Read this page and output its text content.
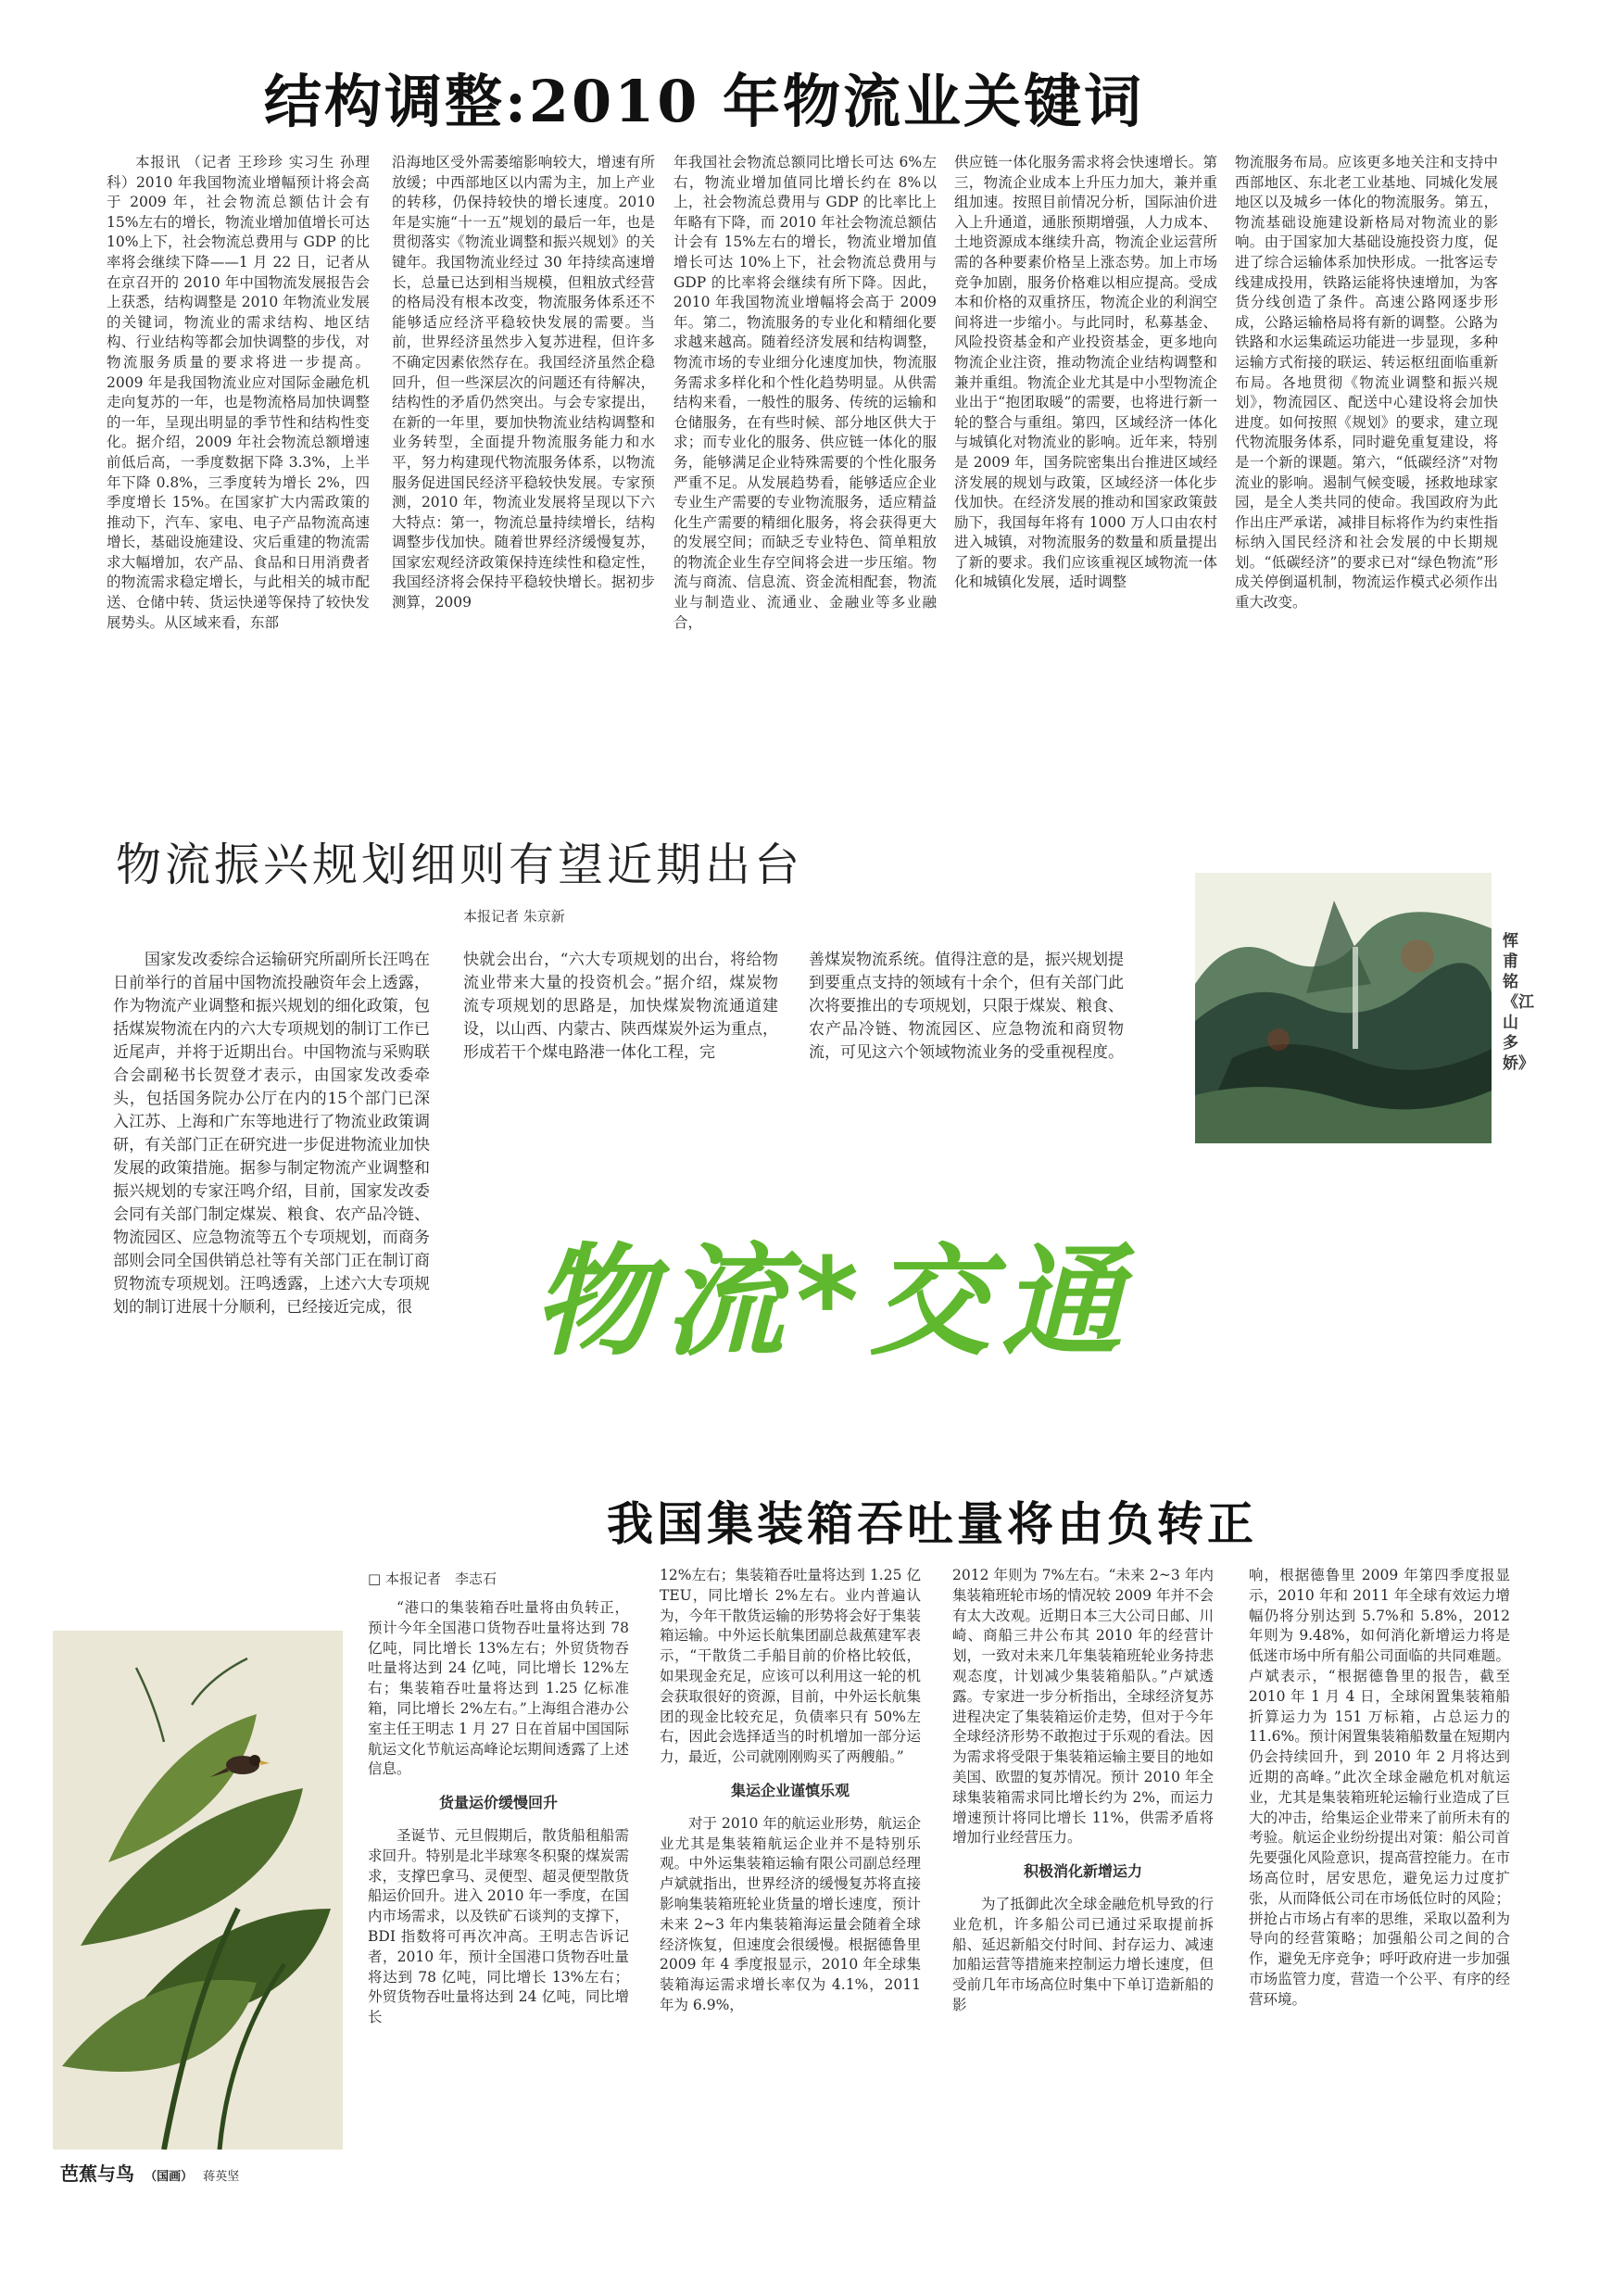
结构调整:2010 年物流业关键词

本报讯 （记者 王珍珍 实习生 孙理科）2010 年我国物流业增幅预计将会高于 2009 年，社会物流总额估计会有 15%左右的增长，物流业增加值增长可达 10%上下，社会物流总费用与 GDP 的比率将会继续下降——1 月 22 日，记者从在京召开的 2010 年中国物流发展报告会上获悉，结构调整是 2010 年物流业发展的关键词，物流业的需求结构、地区结构、行业结构等都会加快调整的步伐，对物流服务质量的要求将进一步提高。2009 年是我国物流业应对国际金融危机走向复苏的一年，也是物流格局加快调整的一年，呈现出明显的季节性和结构性变化。据介绍，2009 年社会物流总额增速前低后高，一季度数据下降 3.3%，上半年下降 0.8%，三季度转为增长 2%，四季度增长 15%。在国家扩大内需政策的推动下，汽车、家电、电子产品物流高速增长，基础设施建设、灾后重建的物流需求大幅增加，农产品、食品和日用消费者的物流需求稳定增长，与此相关的城市配送、仓储中转、货运快递等保持了较快发展势头。从区域来看，东部

沿海地区受外需萎缩影响较大，增速有所放缓；中西部地区以内需为主，加上产业的转移，仍保持较快的增长速度。2010 年是实施“十一五”规划的最后一年，也是贯彻落实《物流业调整和振兴规划》的关键年。我国物流业经过 30 年持续高速增长，总量已达到相当规模，但粗放式经营的格局没有根本改变，物流服务体系还不能够适应经济平稳较快发展的需要。当前，世界经济虽然步入复苏进程，但许多不确定因素依然存在。我国经济虽然企稳回升，但一些深层次的问题还有待解决，结构性的矛盾仍然突出。与会专家提出，在新的一年里，要加快物流业结构调整和业务转型，全面提升物流服务能力和水平，努力构建现代物流服务体系，以物流服务促进国民经济平稳较快发展。专家预测，2010 年，物流业发展将呈现以下六大特点：第一，物流总量持续增长，结构调整步伐加快。随着世界经济缓慢复苏，国家宏观经济政策保持连续性和稳定性，我国经济将会保持平稳较快增长。据初步测算，2009

年我国社会物流总额同比增长可达 6%左右，物流业增加值同比增长约在 8%以上，社会物流总费用与 GDP 的比率比上年略有下降，而 2010 年社会物流总额估计会有 15%左右的增长，物流业增加值增长可达 10%上下，社会物流总费用与 GDP 的比率将会继续有所下降。因此，2010 年我国物流业增幅将会高于 2009 年。第二，物流服务的专业化和精细化要求越来越高。随着经济发展和结构调整，物流市场的专业细分化速度加快，物流服务需求多样化和个性化趋势明显。从供需结构来看，一般性的服务、传统的运输和仓储服务，在有些时候、部分地区供大于求；而专业化的服务、供应链一体化的服务，能够满足企业特殊需要的个性化服务严重不足。从发展趋势看，能够适应企业专业生产需要的专业物流服务，适应精益化生产需要的精细化服务，将会获得更大的发展空间；而缺乏专业特色、简单粗放的物流企业生存空间将会进一步压缩。物流与商流、信息流、资金流相配套，物流业与制造业、流通业、金融业等多业融合，

供应链一体化服务需求将会快速增长。第三，物流企业成本上升压力加大，兼并重组加速。按照目前情况分析，国际油价进入上升通道，通胀预期增强，人力成本、土地资源成本继续升高，物流企业运营所需的各种要素价格呈上涨态势。加上市场竞争加剧，服务价格难以相应提高。受成本和价格的双重挤压，物流企业的利润空间将进一步缩小。与此同时，私募基金、风险投资基金和产业投资基金，更多地向物流企业注资，推动物流企业结构调整和兼并重组。物流企业尤其是中小型物流企业出于“抱团取暖”的需要，也将进行新一轮的整合与重组。第四，区域经济一体化与城镇化对物流业的影响。近年来，特别是 2009 年，国务院密集出台推进区域经济发展的规划与政策，区域经济一体化步伐加快。在经济发展的推动和国家政策鼓励下，我国每年将有 1000 万人口由农村进入城镇，对物流服务的数量和质量提出了新的要求。我们应该重视区域物流一体化和城镇化发展，适时调整

物流服务布局。应该更多地关注和支持中西部地区、东北老工业基地、同城化发展地区以及城乡一体化的物流服务。第五，物流基础设施建设新格局对物流业的影响。由于国家加大基础设施投资力度，促进了综合运输体系加快形成。一批客运专线建成投用，铁路运能将快速增加，为客货分线创造了条件。高速公路网逐步形成，公路运输格局将有新的调整。公路为铁路和水运集疏运功能进一步显现，多种运输方式衔接的联运、转运枢纽面临重新布局。各地贯彻《物流业调整和振兴规划》，物流园区、配送中心建设将会加快进度。如何按照《规划》的要求，建立现代物流服务体系，同时避免重复建设，将是一个新的课题。第六，“低碳经济”对物流业的影响。遏制气候变暖，拯救地球家园，是全人类共同的使命。我国政府为此作出庄严承诺，减排目标将作为约束性指标纳入国民经济和社会发展的中长期规划。“低碳经济”的要求已对“绿色物流”形成关停倒逼机制，物流运作模式必须作出重大改变。

物流振兴规划细则有望近期出台
本报记者 朱京新

国家发改委综合运输研究所副所长汪鸣在日前举行的首届中国物流投融资年会上透露，作为物流产业调整和振兴规划的细化政策，包括煤炭物流在内的六大专项规划的制订工作已近尾声，并将于近期出台。中国物流与采购联合会副秘书长贺登才表示，由国家发改委牵头，包括国务院办公厅在内的15个部门已深入江苏、上海和广东等地进行了物流业政策调研，有关部门正在研究进一步促进物流业加快发展的政策措施。据参与制定物流产业调整和振兴规划的专家汪鸣介绍，目前，国家发改委会同有关部门制定煤炭、粮食、农产品冷链、物流园区、应急物流等五个专项规划，而商务部则会同全国供销总社等有关部门正在制订商贸物流专项规划。汪鸣透露，上述六大专项规划的制订进展十分顺利，已经接近完成，很

快就会出台，“六大专项规划的出台，将给物流业带来大量的投资机会。”据介绍，煤炭物流专项规划的思路是，加快煤炭物流通道建设，以山西、内蒙古、陕西煤炭外运为重点，形成若干个煤电路港一体化工程，完

善煤炭物流系统。值得注意的是，振兴规划提到要重点支持的领域有十余个，但有关部门此次将要推出的专项规划，只限于煤炭、粮食、农产品冷链、物流园区、应急物流和商贸物流，可见这六个领域物流业务的受重视程度。

恽甫铭 《江山多娇》
物流*交通
我国集装箱吞吐量将由负转正
□ 本报记者　李志石
芭蕉与鸟 （国画） 蒋英坚

“港口的集装箱吞吐量将由负转正，预计今年全国港口货物吞吐量将达到 78 亿吨，同比增长 13%左右；外贸货物吞吐量将达到 24 亿吨，同比增长 12%左右；集装箱吞吐量将达到 1.25 亿标准箱，同比增长 2%左右。”上海组合港办公室主任王明志 1 月 27 日在首届中国国际航运文化节航运高峰论坛期间透露了上述信息。

货量运价缓慢回升

圣诞节、元旦假期后，散货船租船需求回升。特别是北半球寒冬积聚的煤炭需求，支撑巴拿马、灵便型、超灵便型散货船运价回升。进入 2010 年一季度，在国内市场需求，以及铁矿石谈判的支撑下，BDI 指数将可再次冲高。王明志告诉记者，2010 年，预计全国港口货物吞吐量将达到 78 亿吨，同比增长 13%左右；外贸货物吞吐量将达到 24 亿吨，同比增长

12%左右；集装箱吞吐量将达到 1.25 亿 TEU，同比增长 2%左右。业内普遍认为，今年干散货运输的形势将会好于集装箱运输。中外运长航集团副总裁蕉建军表示，“干散货二手船目前的价格比较低，如果现金充足，应该可以利用这一轮的机会获取很好的资源，目前，中外运长航集团的现金比较充足，负债率只有 50%左右，因此会选择适当的时机增加一部分运力，最近，公司就刚刚购买了两艘船。”

集运企业谨慎乐观

对于 2010 年的航运业形势，航运企业尤其是集装箱航运企业并不是特别乐观。中外运集装箱运输有限公司副总经理卢斌就指出，世界经济的缓慢复苏将直接影响集装箱班轮业货量的增长速度，预计未来 2~3 年内集装箱海运量会随着全球经济恢复，但速度会很缓慢。根据德鲁里 2009 年 4 季度报显示，2010 年全球集装箱海运需求增长率仅为 4.1%，2011 年为 6.9%，

2012 年则为 7%左右。“未来 2~3 年内集装箱班轮市场的情况较 2009 年并不会有太大改观。近期日本三大公司日邮、川崎、商船三井公布其 2010 年的经营计划，一致对未来几年集装箱班轮业务持悲观态度，计划减少集装箱船队。”卢斌透露。专家进一步分析指出，全球经济复苏进程决定了集装箱运价走势，但对于今年全球经济形势不敢抱过于乐观的看法。因为需求将受限于集装箱运输主要目的地如美国、欧盟的复苏情况。预计 2010 年全球集装箱需求同比增长约为 2%，而运力增速预计将同比增长 11%，供需矛盾将增加行业经营压力。

积极消化新增运力

为了抵御此次全球金融危机导致的行业危机，许多船公司已通过采取提前拆船、延迟新船交付时间、封存运力、减速加船运营等措施来控制运力增长速度，但受前几年市场高位时集中下单订造新船的影

响，根据德鲁里 2009 年第四季度报显示，2010 年和 2011 年全球有效运力增幅仍将分别达到 5.7%和 5.8%，2012 年则为 9.48%，如何消化新增运力将是低迷市场中所有船公司面临的共同难题。卢斌表示，“根据德鲁里的报告，截至 2010 年 1 月 4 日，全球闲置集装箱船折算运力为 151 万标箱，占总运力的 11.6%。预计闲置集装箱船数量在短期内仍会持续回升，到 2010 年 2 月将达到近期的高峰。”此次全球金融危机对航运业，尤其是集装箱班轮运输行业造成了巨大的冲击，给集运企业带来了前所未有的考验。航运企业纷纷提出对策：船公司首先要强化风险意识，提高营控能力。在市场高位时，居安思危，避免运力过度扩张，从而降低公司在市场低位时的风险；拼抢占市场占有率的思维，采取以盈利为导向的经营策略；加强船公司之间的合作，避免无序竞争；呼吁政府进一步加强市场监管力度，营造一个公平、有序的经营环境。
